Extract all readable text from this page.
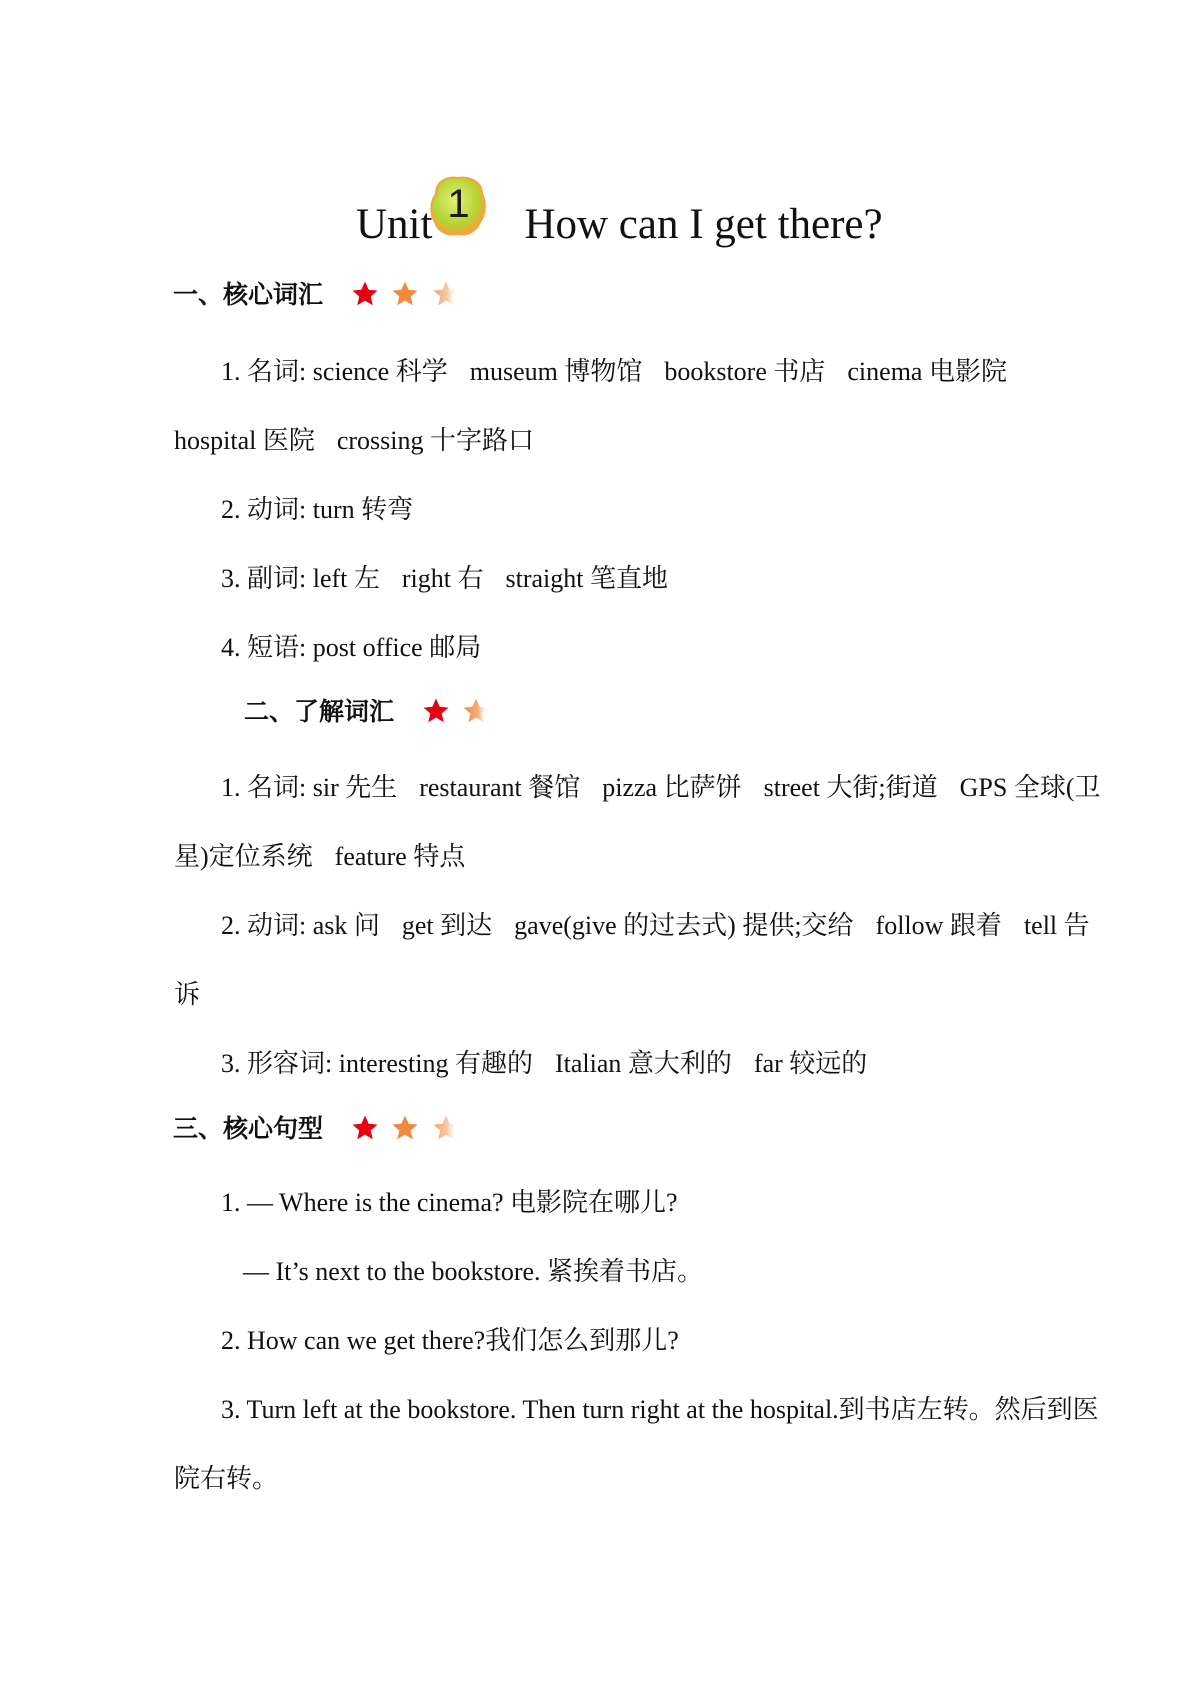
Unit 1	How can I get there?
一、核心词汇
1. 名词: science 科学 museum 博物馆 bookstore 书店 cinema 电影院
hospital 医院 crossing 十字路口
2. 动词: turn 转弯
3. 副词: left 左 right 右 straight 笔直地
4. 短语: post office 邮局
二、了解词汇
1. 名词: sir 先生 restaurant 餐馆 pizza 比萨饼 street 大街;街道 GPS 全球(卫
星)定位系统 feature 特点
2. 动词: ask 问 get 到达 gave(give 的过去式) 提供;交给 follow 跟着 tell 告
诉
3. 形容词: interesting 有趣的 Italian 意大利的 far 较远的
三、核心句型
1. — Where is the cinema? 电影院在哪儿?
— It’s next to the bookstore. 紧挨着书店。
2. How can we get there?我们怎么到那儿?
3. Turn left at the bookstore. Then turn right at the hospital.到书店左转。然后到医
院右转。
